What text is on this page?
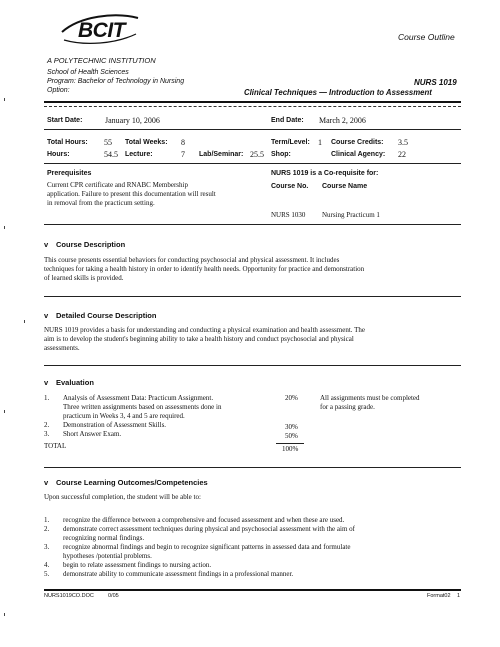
BCIT
A POLYTECHNIC INSTITUTION
Course Outline
School of Health Sciences
Program: Bachelor of Technology in Nursing
Option:
NURS 1019
Clinical Techniques — Introduction to Assessment
Start Date:	January 10, 2006	End Date: March 2, 2006
Total Hours: 55 Total Weeks: 8	Term/Level: 1 Course Credits: 3.5
Hours:	54.5 Lecture:	7 Lab/Seminar: 25.5 Shop:	Clinical Agency: 22
Prerequisites
Current CPR certificate and RNABC Membership
application. Failure to present this documentation will result
in removal from the practicum setting.
NURS 1019 is a Co-requisite for:
Course No. Course Name
NURS 1030 Nursing Practicum 1
v Course Description
This course presents essential behaviors for conducting psychosocial and physical assessment. It includes
techniques for taking a health history in order to identify health needs. Opportunity for practice and demonstration
of learned skills is provided.
v Detailed Course Description
NURS 1019 provides a basis for understanding and conducting a physical examination and health assessment. The
aim is to develop the student's beginning ability to take a health history and conduct psychosocial and physical
assessments.
v Evaluation
1. Analysis of Assessment Data: Practicum Assignment.
Three written assignments based on assessments done in
practicum in Weeks 3, 4 and 5 are required.
20%
2. Demonstration of Assessment Skills.	30%
3. Short Answer Exam.	50%
TOTAL	100%
All assignments must be completed
for a passing grade.
v Course Learning Outcomes/Competencies
Upon successful completion, the student will be able to:
1. recognize the difference between a comprehensive and focused assessment and when these are used.
2. demonstrate correct assessment techniques during physical and psychosocial assessment with the aim of
recognizing normal findings.
3. recognize abnormal findings and begin to recognize significant patterns in assessed data and formulate
hypotheses /potential problems.
4. begin to relate assessment findings to nursing action.
5. demonstrate ability to communicate assessment findings in a professional manner.
NURS1019CO.DOC	0/05	Format02 1
